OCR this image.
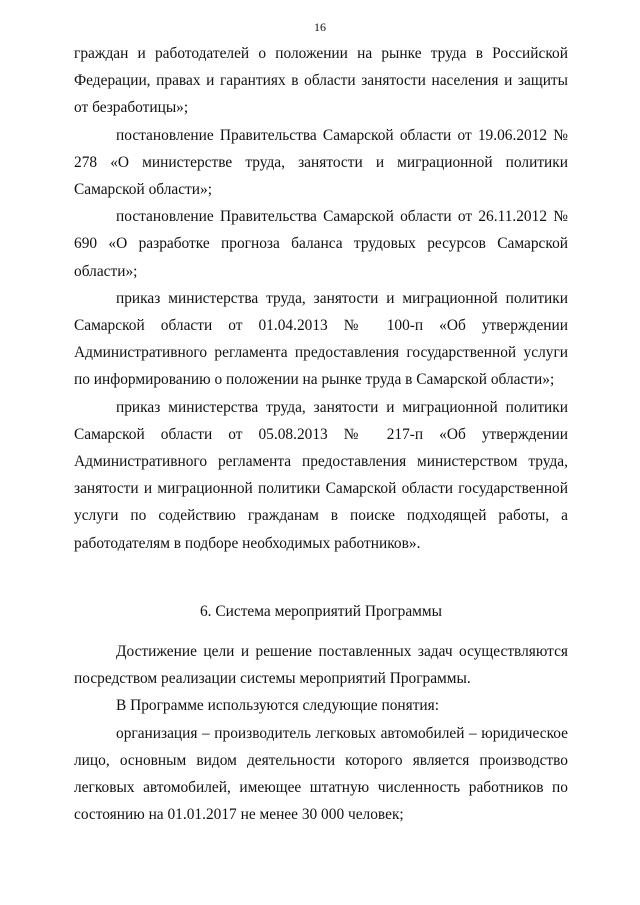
16

граждан и работодателей о положении на рынке труда в Российской Федерации, правах и гарантиях в области занятости населения и защиты от безработицы»;

постановление Правительства Самарской области от 19.06.2012 № 278 «О министерстве труда, занятости и миграционной политики Самарской области»;

постановление Правительства Самарской области от 26.11.2012 № 690 «О разработке прогноза баланса трудовых ресурсов Самарской области»;

приказ министерства труда, занятости и миграционной политики Самарской области от 01.04.2013 № 100-п «Об утверждении Административного регламента предоставления государственной услуги по информированию о положении на рынке труда в Самарской области»;

приказ министерства труда, занятости и миграционной политики Самарской области от 05.08.2013 № 217-п «Об утверждении Административного регламента предоставления министерством труда, занятости и миграционной политики Самарской области государственной услуги по содействию гражданам в поиске подходящей работы, а работодателям в подборе необходимых работников».

6. Система мероприятий Программы

Достижение цели и решение поставленных задач осуществляются посредством реализации системы мероприятий Программы.

В Программе используются следующие понятия:

организация – производитель легковых автомобилей – юридическое лицо, основным видом деятельности которого является производство легковых автомобилей, имеющее штатную численность работников по состоянию на 01.01.2017 не менее 30 000 человек;
